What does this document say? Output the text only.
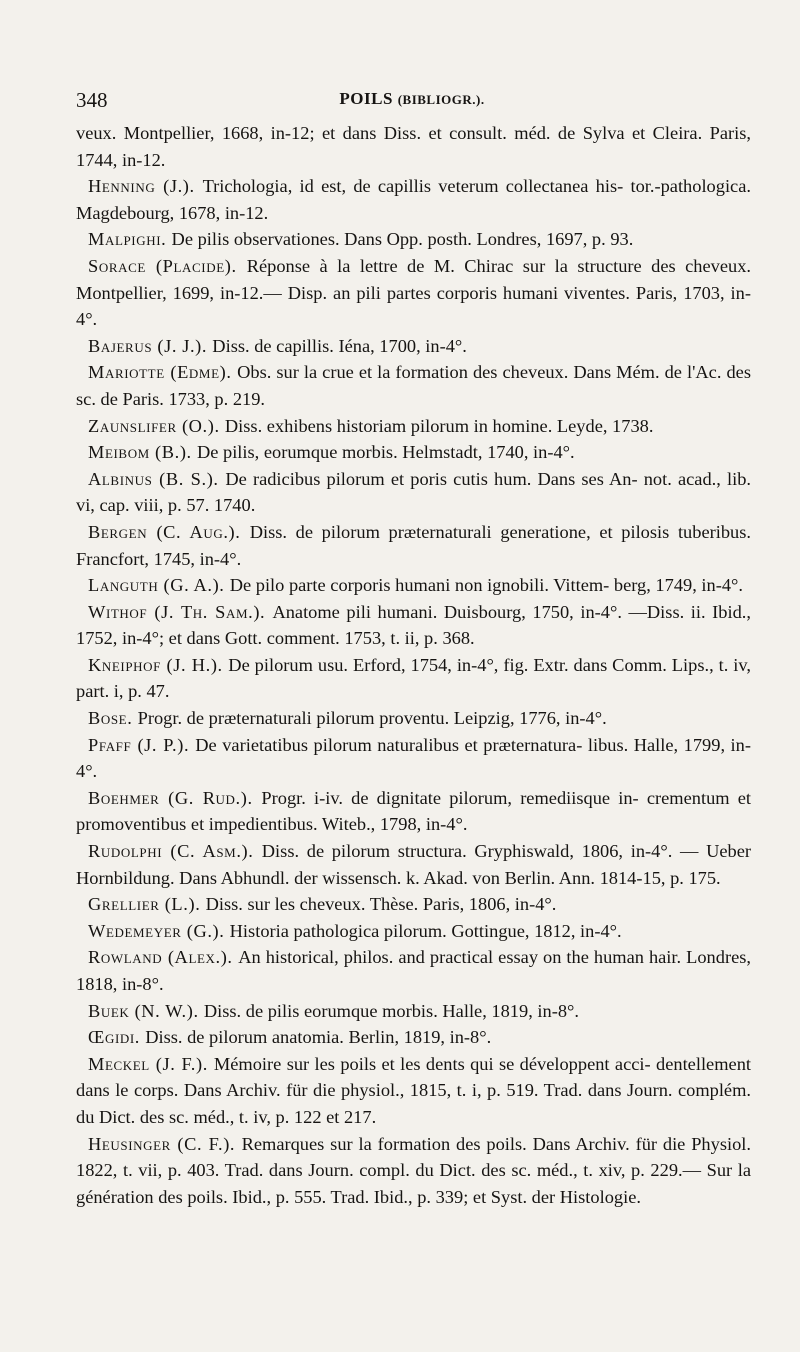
348	POILS (BIBLIOGR.).

veux. Montpellier, 1668, in-12; et dans Diss. et consult. méd. de Sylva et Cleira. Paris, 1744, in-12.

Henning (J.). Trichologia, id est, de capillis veterum collectanea his- tor.-pathologica. Magdebourg, 1678, in-12.

Malpighi. De pilis observationes. Dans Opp. posth. Londres, 1697, p. 93.

Sorace (Placide). Réponse à la lettre de M. Chirac sur la structure des cheveux. Montpellier, 1699, in-12.— Disp. an pili partes corporis humani viventes. Paris, 1703, in-4°.

Bajerus (J. J.). Diss. de capillis. Iéna, 1700, in-4°.

Mariotte (Edme). Obs. sur la crue et la formation des cheveux. Dans Mém. de l'Ac. des sc. de Paris. 1733, p. 219.

Zaunslifer (O.). Diss. exhibens historiam pilorum in homine. Leyde, 1738.

Meibom (B.). De pilis, eorumque morbis. Helmstadt, 1740, in-4°.

Albinus (B. S.). De radicibus pilorum et poris cutis hum. Dans ses An- not. acad., lib. vi, cap. viii, p. 57. 1740.

Bergen (C. Aug.). Diss. de pilorum præternaturali generatione, et pilosis tuberibus. Francfort, 1745, in-4°.

Languth (G. A.). De pilo parte corporis humani non ignobili. Vittem- berg, 1749, in-4°.

Withof (J. Th. Sam.). Anatome pili humani. Duisbourg, 1750, in-4°. —Diss. ii. Ibid., 1752, in-4°; et dans Gott. comment. 1753, t. ii, p. 368.

Kneiphof (J. H.). De pilorum usu. Erford, 1754, in-4°, fig. Extr. dans Comm. Lips., t. iv, part. i, p. 47.

Bose. Progr. de præternaturali pilorum proventu. Leipzig, 1776, in-4°.

Pfaff (J. P.). De varietatibus pilorum naturalibus et præternatura- libus. Halle, 1799, in-4°.

Boehmer (G. Rud.). Progr. i-iv. de dignitate pilorum, remediisque in- crementum et promoventibus et impedientibus. Witeb., 1798, in-4°.

Rudolphi (C. Asm.). Diss. de pilorum structura. Gryphiswald, 1806, in-4°. — Ueber Hornbildung. Dans Abhundl. der wissensch. k. Akad. von Berlin. Ann. 1814-15, p. 175.

Grellier (L.). Diss. sur les cheveux. Thèse. Paris, 1806, in-4°.

Wedemeyer (G.). Historia pathologica pilorum. Gottingue, 1812, in-4°.

Rowland (Alex.). An historical, philos. and practical essay on the human hair. Londres, 1818, in-8°.

Buek (N. W.). Diss. de pilis eorumque morbis. Halle, 1819, in-8°.

Œgidi. Diss. de pilorum anatomia. Berlin, 1819, in-8°.

Meckel (J. F.). Mémoire sur les poils et les dents qui se développent acci- dentellement dans le corps. Dans Archiv. für die physiol., 1815, t. i, p. 519. Trad. dans Journ. complém. du Dict. des sc. méd., t. iv, p. 122 et 217.

Heusinger (C. F.). Remarques sur la formation des poils. Dans Archiv. für die Physiol. 1822, t. vii, p. 403. Trad. dans Journ. compl. du Dict. des sc. méd., t. xiv, p. 229.— Sur la génération des poils. Ibid., p. 555. Trad. Ibid., p. 339; et Syst. der Histologie.
